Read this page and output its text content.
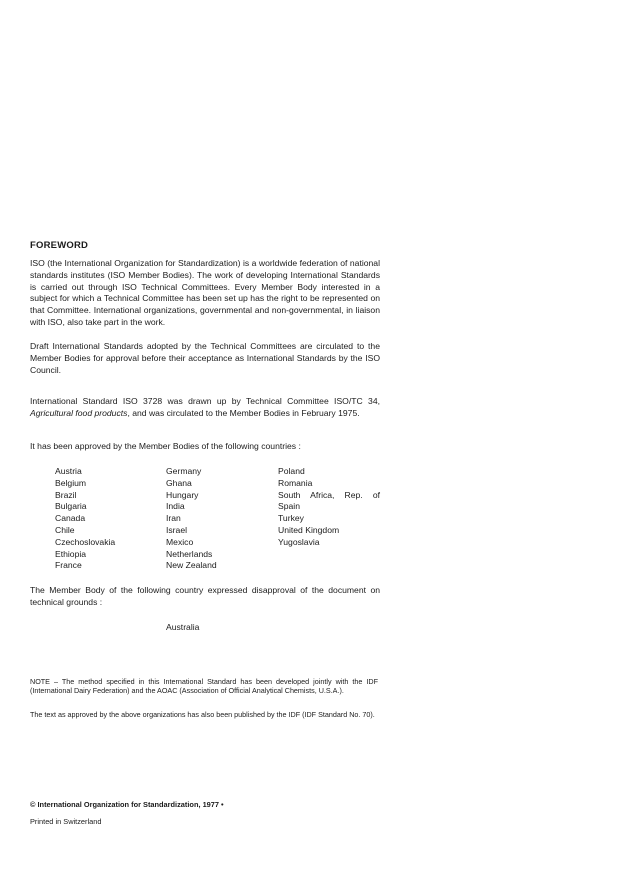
FOREWORD

ISO (the International Organization for Standardization) is a worldwide federation of national standards institutes (ISO Member Bodies). The work of developing International Standards is carried out through ISO Technical Committees. Every Member Body interested in a subject for which a Technical Committee has been set up has the right to be represented on that Committee. International organizations, governmental and non-governmental, in liaison with ISO, also take part in the work.

Draft International Standards adopted by the Technical Committees are circulated to the Member Bodies for approval before their acceptance as International Standards by the ISO Council.

International Standard ISO 3728 was drawn up by Technical Committee ISO/TC 34, Agricultural food products, and was circulated to the Member Bodies in February 1975.

It has been approved by the Member Bodies of the following countries :

Austria
Belgium
Brazil
Bulgaria
Canada
Chile
Czechoslovakia
Ethiopia
France
Germany
Ghana
Hungary
India
Iran
Israel
Mexico
Netherlands
New Zealand
Poland
Romania
South Africa, Rep. of
Spain
Turkey
United Kingdom
Yugoslavia

The Member Body of the following country expressed disapproval of the document on technical grounds :

Australia

NOTE – The method specified in this International Standard has been developed jointly with the IDF (International Dairy Federation) and the AOAC (Association of Official Analytical Chemists, U.S.A.).

The text as approved by the above organizations has also been published by the IDF (IDF Standard No. 70).

© International Organization for Standardization, 1977 •
Printed in Switzerland
